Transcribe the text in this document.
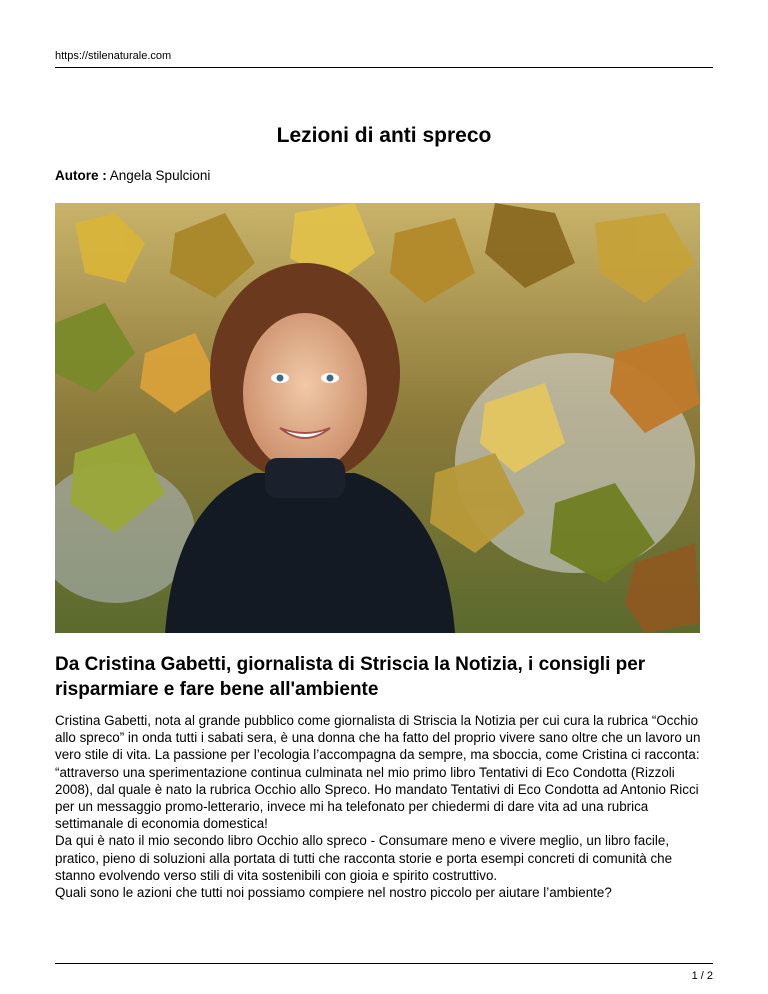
https://stilenaturale.com
Lezioni di anti spreco
Autore : Angela Spulcioni
Da Cristina Gabetti, giornalista di Striscia la Notizia, i consigli per risparmiare e fare bene all'ambiente

Cristina Gabetti, nota al grande pubblico come giornalista di Striscia la Notizia per cui cura la rubrica “Occhio allo spreco” in onda tutti i sabati sera, è una donna che ha fatto del proprio vivere sano oltre che un lavoro un vero stile di vita. La passione per l’ecologia l’accompagna da sempre, ma sboccia, come Cristina ci racconta: “attraverso una sperimentazione continua culminata nel mio primo libro Tentativi di Eco Condotta (Rizzoli 2008), dal quale è nato la rubrica Occhio allo Spreco. Ho mandato Tentativi di Eco Condotta ad Antonio Ricci per un messaggio promo-letterario, invece mi ha telefonato per chiedermi di dare vita ad una rubrica settimanale di economia domestica!

Da qui è nato il mio secondo libro Occhio allo spreco - Consumare meno e vivere meglio, un libro facile, pratico, pieno di soluzioni alla portata di tutti che racconta storie e porta esempi concreti di comunità che stanno evolvendo verso stili di vita sostenibili con gioia e spirito costruttivo.

Quali sono le azioni che tutti noi possiamo compiere nel nostro piccolo per aiutare l’ambiente?

1 / 2
